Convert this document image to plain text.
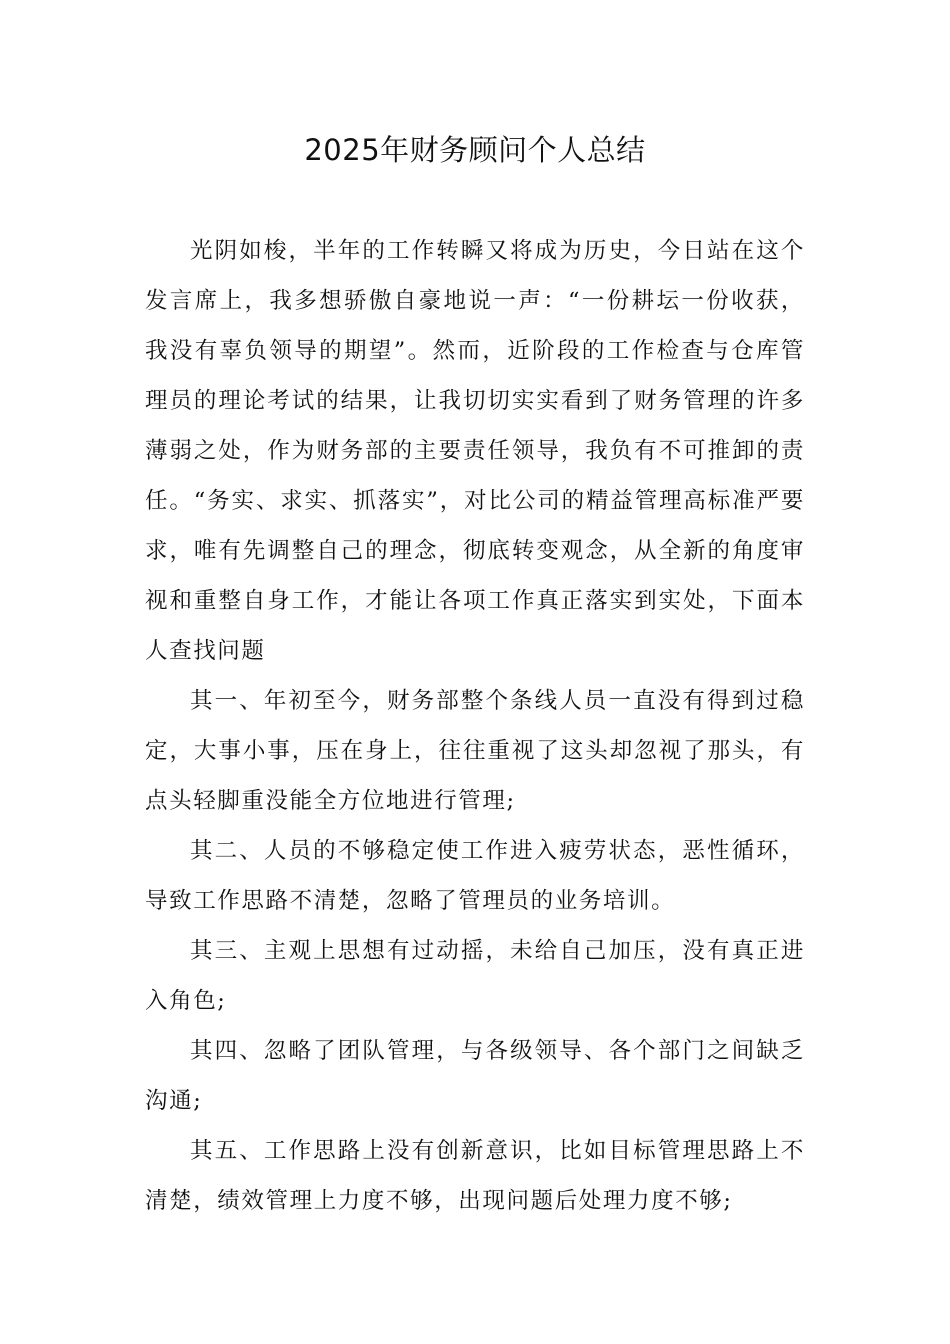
2025年财务顾问个人总结

光阴如梭，半年的工作转瞬又将成为历史，今日站在这个发言席上，我多想骄傲自豪地说一声：“一份耕坛一份收获，我没有辜负领导的期望”。然而，近阶段的工作检查与仓库管理员的理论考试的结果，让我切切实实看到了财务管理的许多薄弱之处，作为财务部的主要责任领导，我负有不可推卸的责任。“务实、求实、抓落实”，对比公司的精益管理高标准严要求，唯有先调整自己的理念，彻底转变观念，从全新的角度审视和重整自身工作，才能让各项工作真正落实到实处，下面本人查找问题

其一、年初至今，财务部整个条线人员一直没有得到过稳定，大事小事，压在身上，往往重视了这头却忽视了那头，有点头轻脚重没能全方位地进行管理;

其二、人员的不够稳定使工作进入疲劳状态，恶性循环，导致工作思路不清楚，忽略了管理员的业务培训。

其三、主观上思想有过动摇，未给自己加压，没有真正进入角色;

其四、忽略了团队管理，与各级领导、各个部门之间缺乏沟通;

其五、工作思路上没有创新意识，比如目标管理思路上不清楚，绩效管理上力度不够，出现问题后处理力度不够;
